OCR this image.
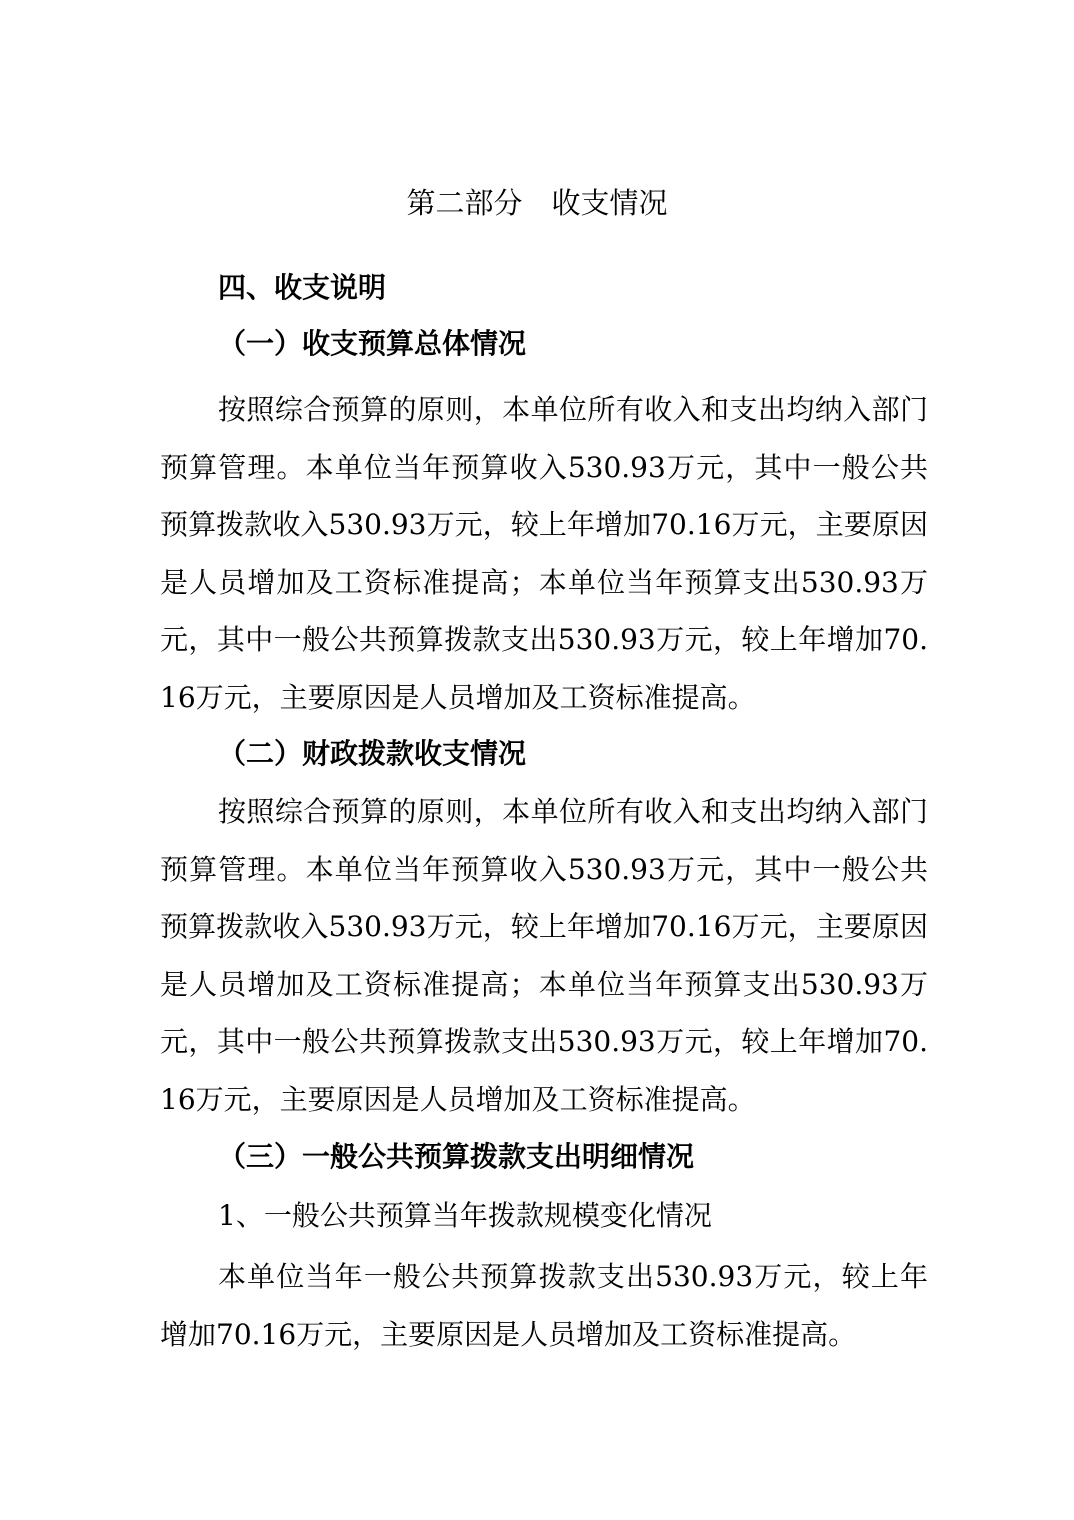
第二部分　收支情况
四、收支说明
（一）收支预算总体情况

按照综合预算的原则，本单位所有收入和支出均纳入部门预算管理。本单位当年预算收入530.93万元，其中一般公共预算拨款收入530.93万元，较上年增加70.16万元，主要原因是人员增加及工资标准提高；本单位当年预算支出530.93万元，其中一般公共预算拨款支出530.93万元，较上年增加70.16万元，主要原因是人员增加及工资标准提高。

（二）财政拨款收支情况

按照综合预算的原则，本单位所有收入和支出均纳入部门预算管理。本单位当年预算收入530.93万元，其中一般公共预算拨款收入530.93万元，较上年增加70.16万元，主要原因是人员增加及工资标准提高；本单位当年预算支出530.93万元，其中一般公共预算拨款支出530.93万元，较上年增加70.16万元，主要原因是人员增加及工资标准提高。

（三）一般公共预算拨款支出明细情况
1、一般公共预算当年拨款规模变化情况

本单位当年一般公共预算拨款支出530.93万元，较上年增加70.16万元，主要原因是人员增加及工资标准提高。
